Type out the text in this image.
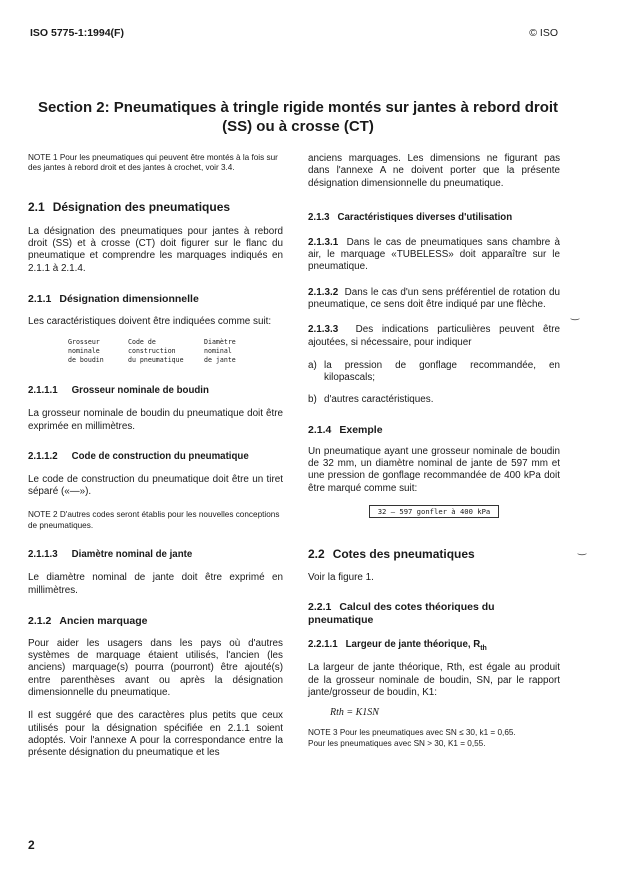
ISO 5775-1:1994(F)	© ISO
Section 2: Pneumatiques à tringle rigide montés sur jantes à rebord droit
(SS) ou à crosse (CT)

NOTE 1 Pour les pneumatiques qui peuvent être montés à la fois sur des jantes à rebord droit et des jantes à crochet, voir 3.4.

2.1 Désignation des pneumatiques

La désignation des pneumatiques pour jantes à rebord droit (SS) et à crosse (CT) doit figurer sur le flanc du pneumatique et comprendre les marquages indiqués en 2.1.1 à 2.1.4.

2.1.1 Désignation dimensionnelle

Les caractéristiques doivent être indiquées comme suit:

Grosseur
nominale
de boudin
Code de
construction
du pneumatique
Diamètre
nominal
de jante

2.1.1.1 Grosseur nominale de boudin

La grosseur nominale de boudin du pneumatique doit être exprimée en millimètres.

2.1.1.2 Code de construction du pneumatique

Le code de construction du pneumatique doit être un tiret séparé («—»).

NOTE 2 D'autres codes seront établis pour les nouvelles conceptions de pneumatiques.

2.1.1.3 Diamètre nominal de jante

Le diamètre nominal de jante doit être exprimé en millimètres.

2.1.2 Ancien marquage

Pour aider les usagers dans les pays où d'autres systèmes de marquage étaient utilisés, l'ancien (les anciens) marquage(s) pourra (pourront) être ajouté(s) entre parenthèses avant ou après la désignation dimensionnelle du pneumatique.

Il est suggéré que des caractères plus petits que ceux utilisés pour la désignation spécifiée en 2.1.1 soient adoptés. Voir l'annexe A pour la correspondance entre la présente désignation du pneumatique et les

anciens marquages. Les dimensions ne figurant pas dans l'annexe A ne doivent porter que la présente désignation dimensionnelle du pneumatique.

2.1.3 Caractéristiques diverses d'utilisation

2.1.3.1 Dans le cas de pneumatiques sans chambre à air, le marquage «TUBELESS» doit apparaître sur le pneumatique.

2.1.3.2 Dans le cas d'un sens préférentiel de rotation du pneumatique, ce sens doit être indiqué par une flèche.

2.1.3.3 Des indications particulières peuvent être ajoutées, si nécessaire, pour indiquer

a) la pression de gonflage recommandée, en kilopascals;
b) d'autres caractéristiques.

2.1.4 Exemple

Un pneumatique ayant une grosseur nominale de boudin de 32 mm, un diamètre nominal de jante de 597 mm et une pression de gonflage recommandée de 400 kPa doit être marqué comme suit:

32 – 597 gonfler à 400 kPa

2.2 Cotes des pneumatiques

Voir la figure 1.

2.2.1 Calcul des cotes théoriques du pneumatique

2.2.1.1 Largeur de jante théorique, $R_{th}$

La largeur de jante théorique, Rth, est égale au produit de la grosseur nominale de boudin, SN, par le rapport jante/grosseur de boudin, K1:

Rth = K1SN

NOTE 3 Pour les pneumatiques avec SN ≤ 30, k1 = 0,65.

Pour les pneumatiques avec SN > 30, K1 = 0,55.

‿
‿
2
